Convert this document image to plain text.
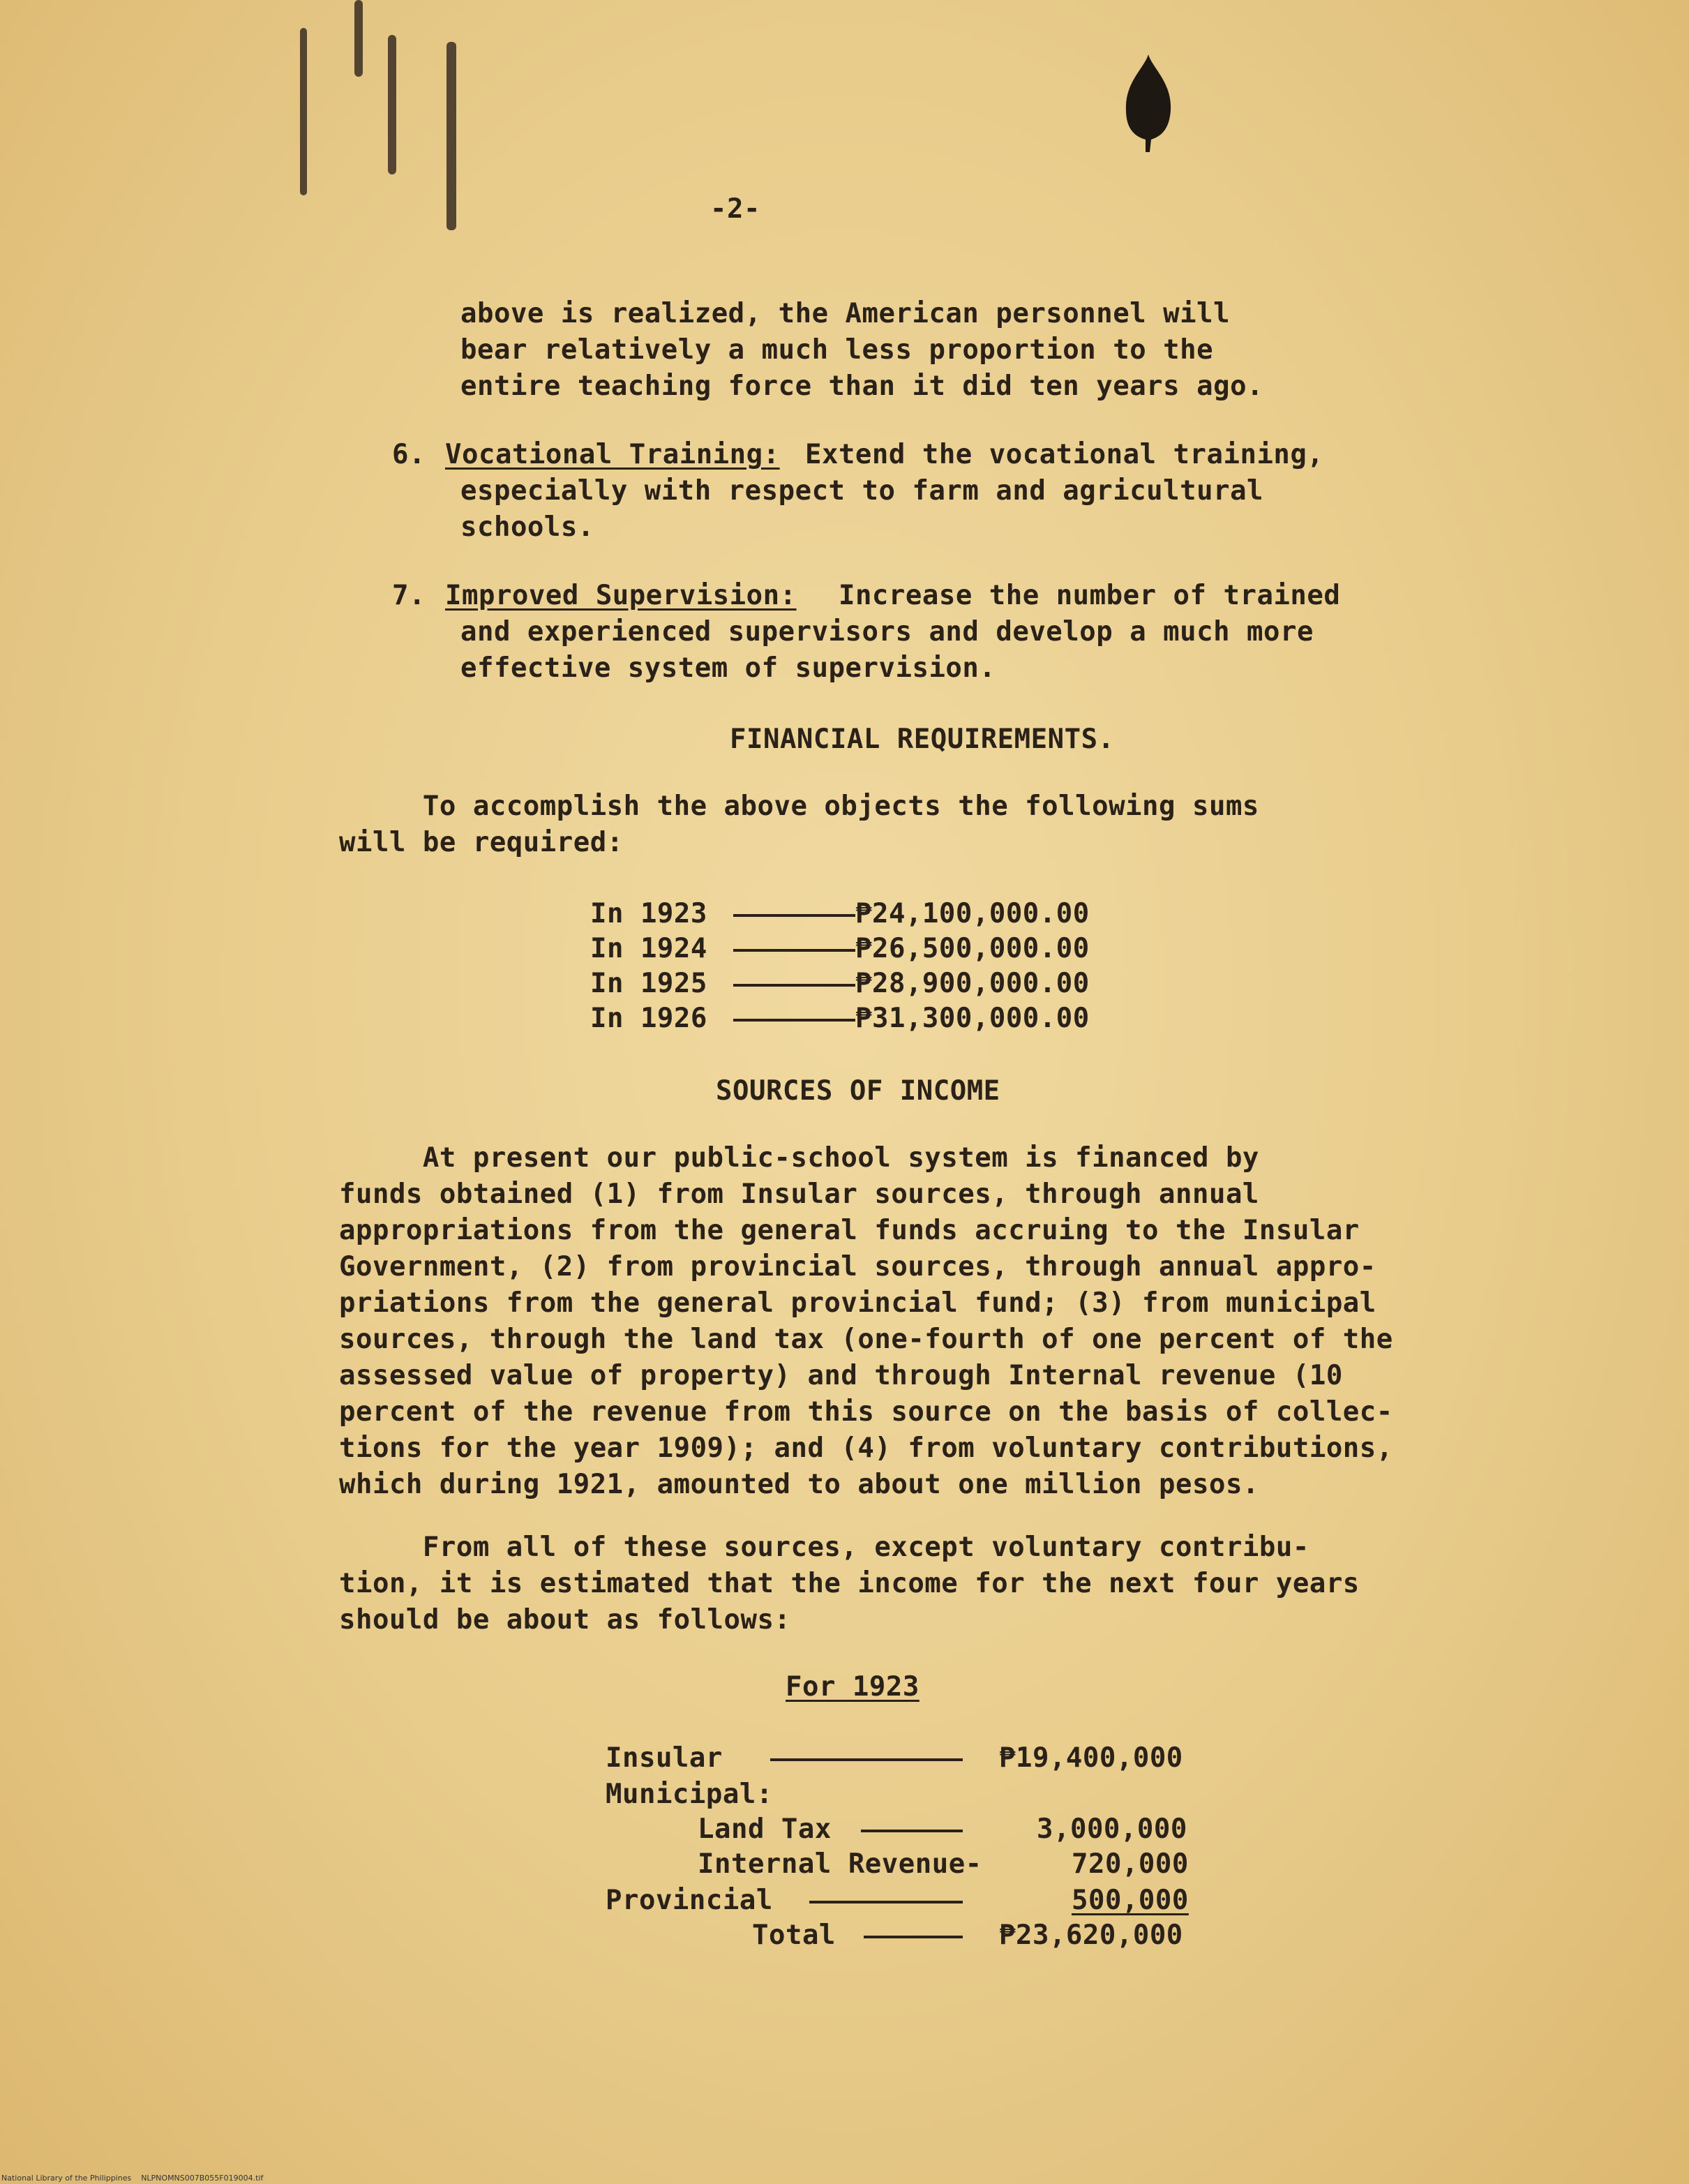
-2-

above is realized, the American personnel will

bear relatively a much less proportion to the

entire teaching force than it did ten years ago.

6. Vocational Training: Extend the vocational training,

especially with respect to farm and agricultural

schools.

7. Improved Supervision: Increase the number of trained

and experienced supervisors and develop a much more

effective system of supervision.

FINANCIAL REQUIREMENTS.

To accomplish the above objects the following sums

will be required:

In 1923	₱24,100,000.00

In 1924	₱26,500,000.00

In 1925	₱28,900,000.00

In 1926	₱31,300,000.00

SOURCES OF INCOME

At present our public-school system is financed by

funds obtained (1) from Insular sources, through annual

appropriations from the general funds accruing to the Insular

Government, (2) from provincial sources, through annual appro-

priations from the general provincial fund; (3) from municipal

sources, through the land tax (one-fourth of one percent of the

assessed value of property) and through Internal revenue (10

percent of the revenue from this source on the basis of collec-

tions for the year 1909); and (4) from voluntary contributions,

which during 1921, amounted to about one million pesos.

From all of these sources, except voluntary contribu-

tion, it is estimated that the income for the next four years

should be about as follows:

For 1923

Insular	₱19,400,000

Municipal:

Land Tax	3,000,000

Internal Revenue-	720,000

Provincial	500,000

Total	₱23,620,000

National Library of the Philippines    NLPNOMNS007B055F019004.tif
